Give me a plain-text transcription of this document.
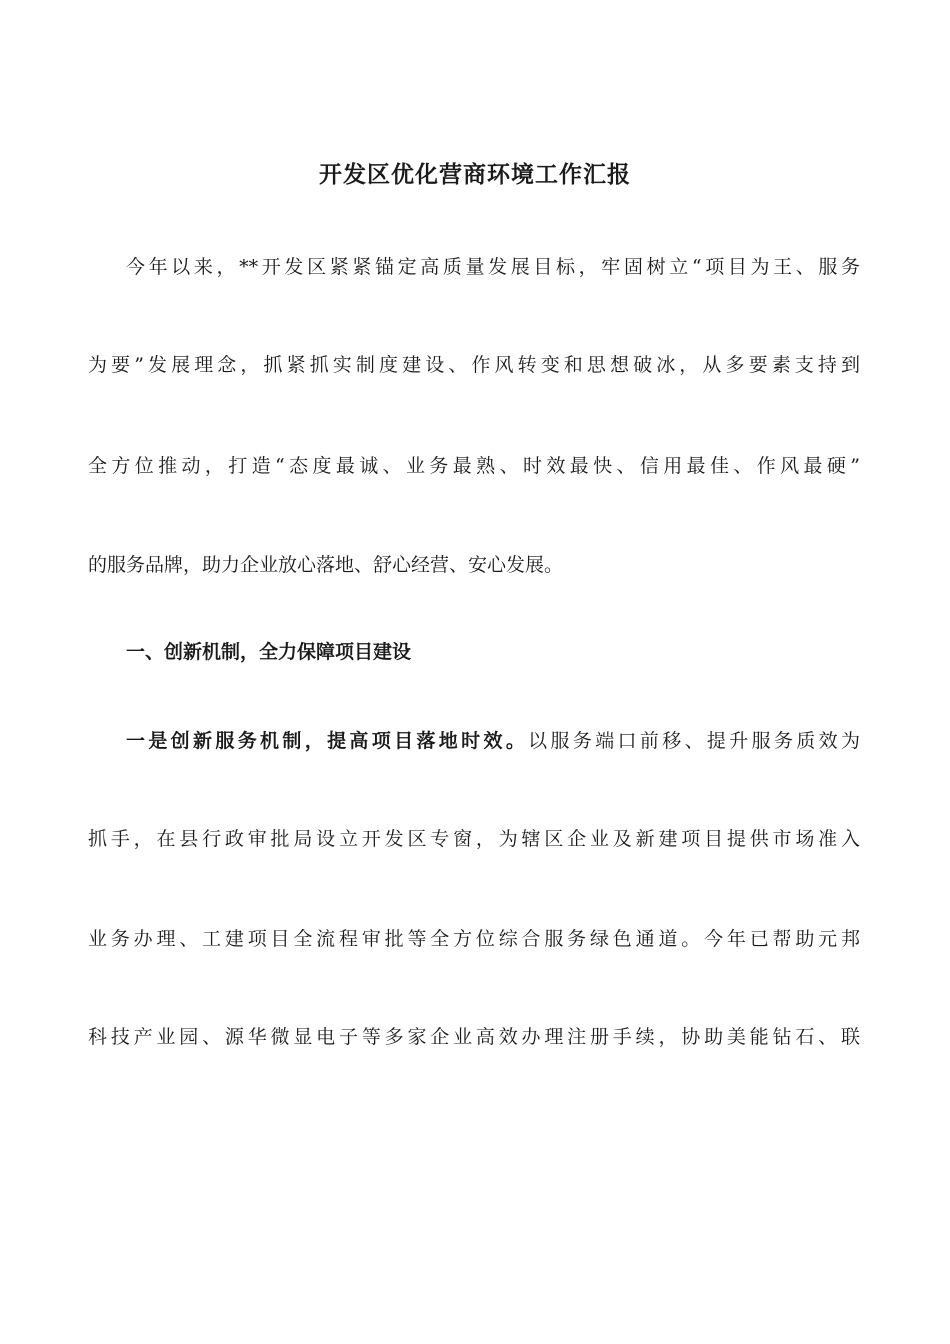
开发区优化营商环境工作汇报

今年以来，**开发区紧紧锚定高质量发展目标，牢固树立“项目为王、服务

为要”发展理念，抓紧抓实制度建设、作风转变和思想破冰，从多要素支持到

全方位推动，打造“态度最诚、业务最熟、时效最快、信用最佳、作风最硬”

的服务品牌，助力企业放心落地、舒心经营、安心发展。

一、创新机制，全力保障项目建设

一是创新服务机制，提高项目落地时效。以服务端口前移、提升服务质效为

抓手，在县行政审批局设立开发区专窗，为辖区企业及新建项目提供市场准入

业务办理、工建项目全流程审批等全方位综合服务绿色通道。今年已帮助元邦

科技产业园、源华微显电子等多家企业高效办理注册手续，协助美能钻石、联
